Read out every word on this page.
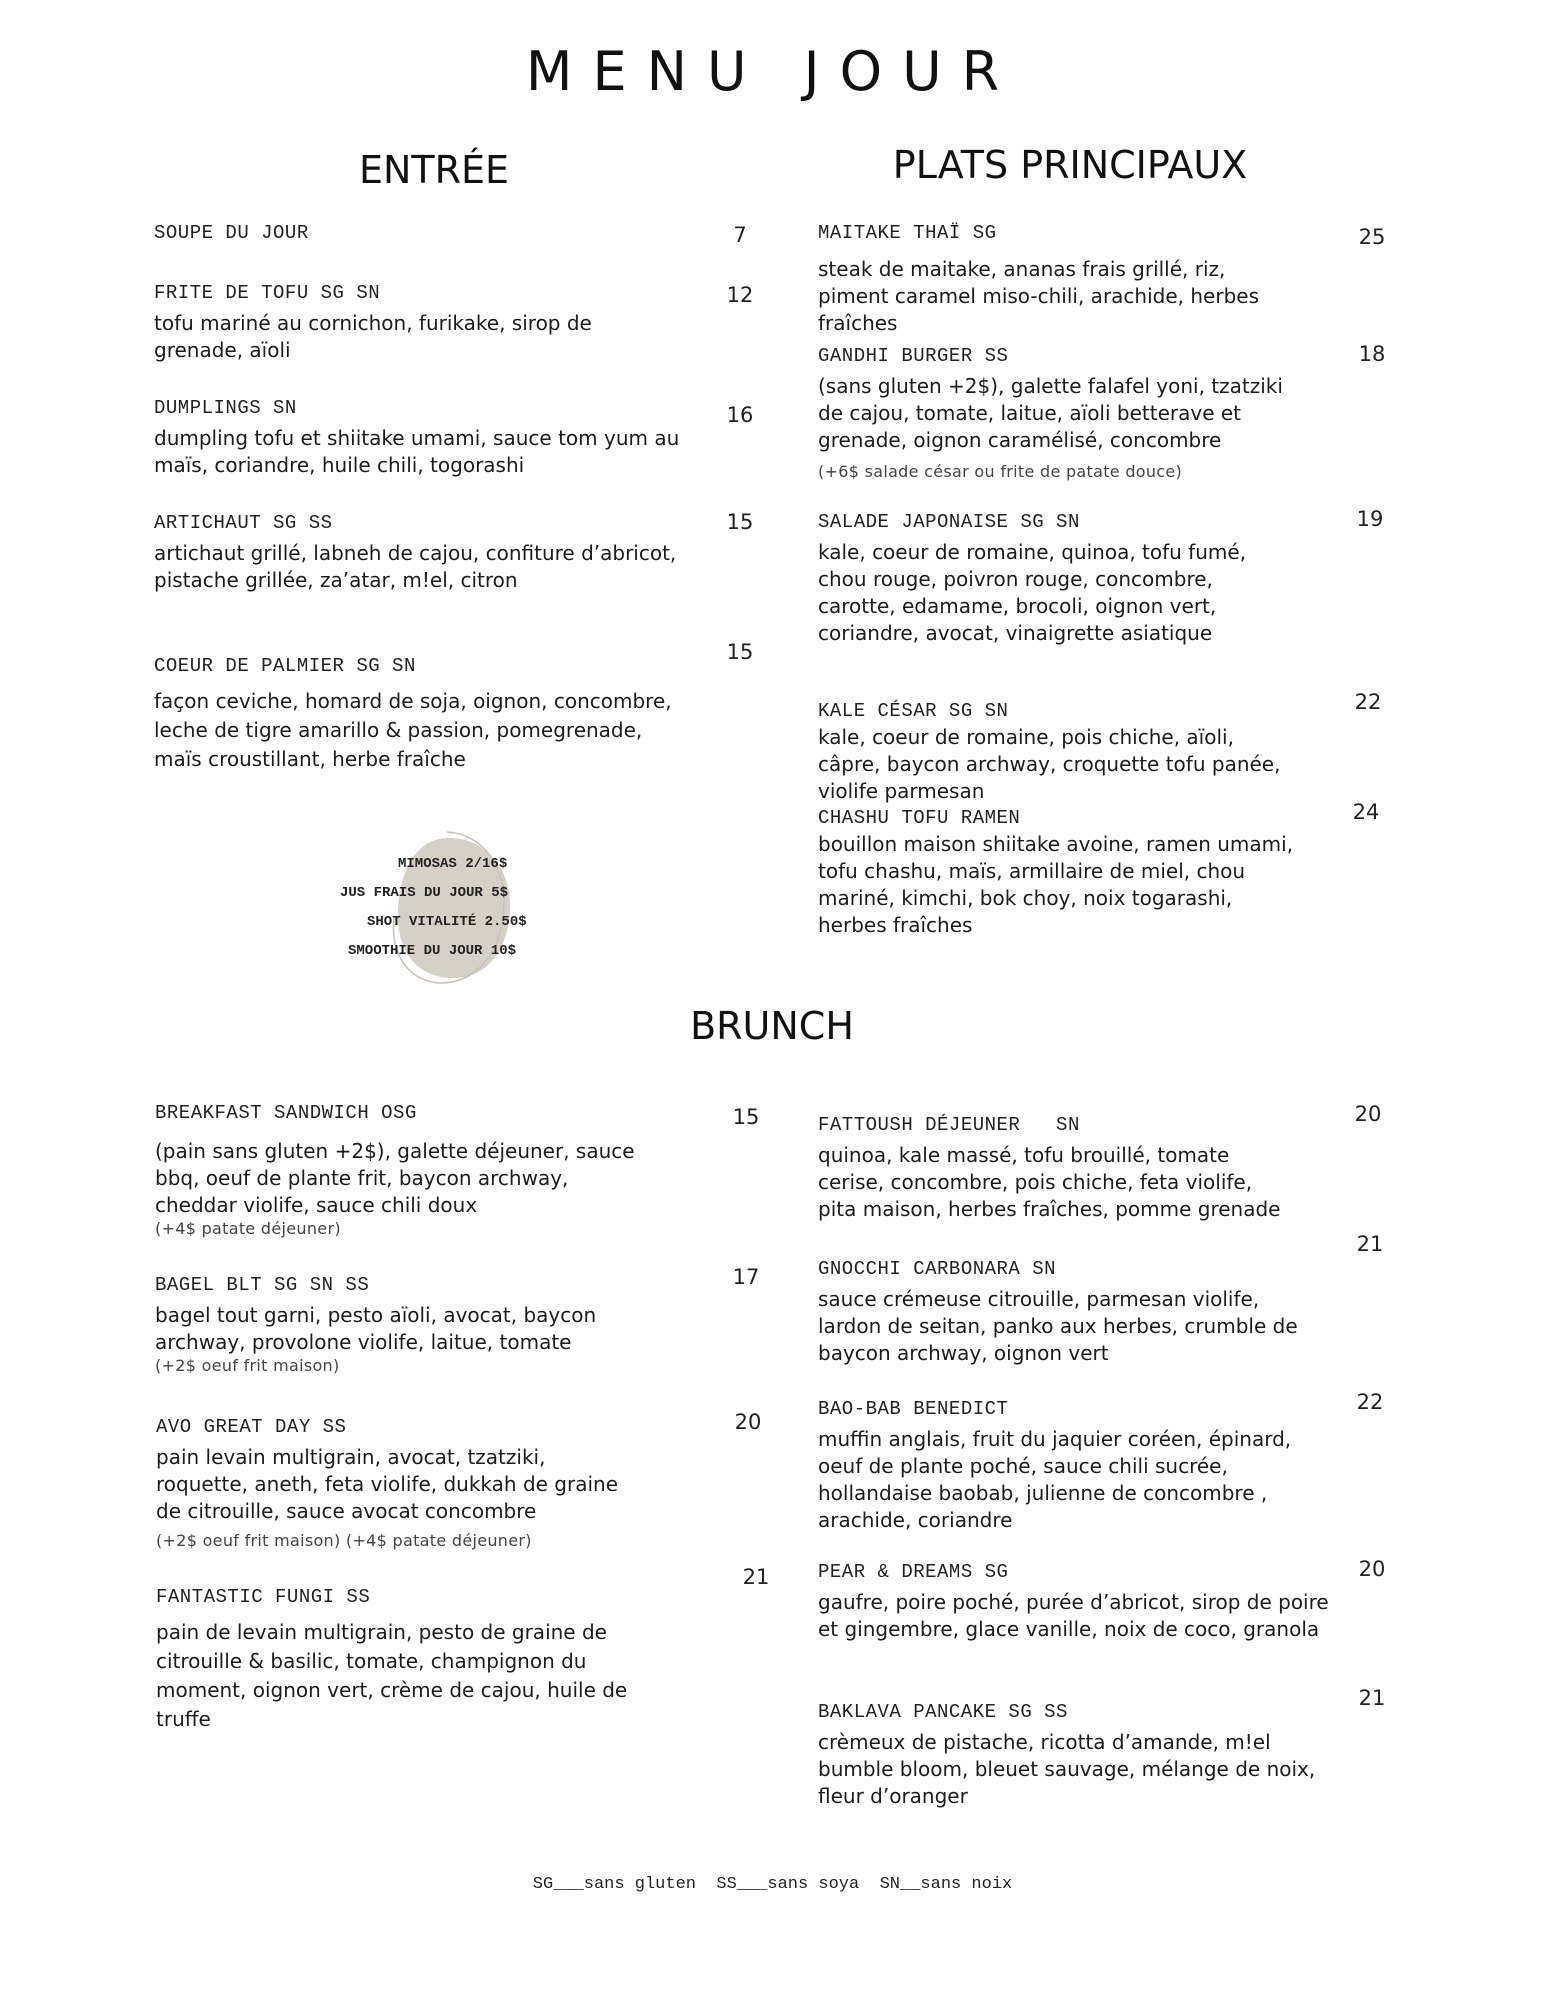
MENU JOUR
ENTRÉE	PLATS PRINCIPAUX
BRUNCH
SOUPE DU JOUR	7
FRITE DE TOFU SG SN
tofu mariné au cornichon, furikake, sirop de grenade, aïoli
12
DUMPLINGS SN
dumpling tofu et shiitake umami, sauce tom yum au maïs, coriandre, huile chili, togorashi
16
ARTICHAUT SG SS
artichaut grillé, labneh de cajou, confiture d’abricot, pistache grillée, za’atar, m!el, citron
15
COEUR DE PALMIER SG SN
façon ceviche, homard de soja, oignon, concombre, leche de tigre amarillo & passion, pomegrenade, maïs croustillant, herbe fraîche
15
MIMOSAS 2/16$
JUS FRAIS DU JOUR 5$
SHOT VITALITÉ 2.50$
SMOOTHIE DU JOUR 10$
MAITAKE THAÏ SG
steak de maitake, ananas frais grillé, riz, piment caramel miso-chili, arachide, herbes fraîches
25
GANDHI BURGER SS
(sans gluten +2$), galette falafel yoni, tzatziki de cajou, tomate, laitue, aïoli betterave et grenade, oignon caramélisé, concombre
(+6$ salade césar ou frite de patate douce)
18
SALADE JAPONAISE SG SN
kale, coeur de romaine, quinoa, tofu fumé, chou rouge, poivron rouge, concombre, carotte, edamame, brocoli, oignon vert, coriandre, avocat, vinaigrette asiatique
19
KALE CÉSAR SG SN
kale, coeur de romaine, pois chiche, aïoli, câpre, baycon archway, croquette tofu panée, violife parmesan
22
CHASHU TOFU RAMEN
bouillon maison shiitake avoine, ramen umami, tofu chashu, maïs, armillaire de miel, chou mariné, kimchi, bok choy, noix togarashi, herbes fraîches
24
BREAKFAST SANDWICH OSG
(pain sans gluten +2$), galette déjeuner, sauce bbq, oeuf de plante frit, baycon archway, cheddar violife, sauce chili doux
(+4$ patate déjeuner)
15
BAGEL BLT SG SN SS
bagel tout garni, pesto aïoli, avocat, baycon archway, provolone violife, laitue, tomate
(+2$ oeuf frit maison)
17
AVO GREAT DAY SS
pain levain multigrain, avocat, tzatziki, roquette, aneth, feta violife, dukkah de graine de citrouille, sauce avocat concombre
(+2$ oeuf frit maison) (+4$ patate déjeuner)
20
FANTASTIC FUNGI SS
pain de levain multigrain, pesto de graine de citrouille & basilic, tomate, champignon du moment, oignon vert, crème de cajou, huile de truffe
21
FATTOUSH DÉJEUNER   SN
quinoa, kale massé, tofu brouillé, tomate cerise, concombre, pois chiche, feta violife, pita maison, herbes fraîches, pomme grenade
20
GNOCCHI CARBONARA SN
sauce crémeuse citrouille, parmesan violife, lardon de seitan, panko aux herbes, crumble de baycon archway, oignon vert
21
BAO-BAB BENEDICT
muffin anglais, fruit du jaquier coréen, épinard, oeuf de plante poché, sauce chili sucrée, hollandaise baobab, julienne de concombre , arachide, coriandre
22
PEAR & DREAMS SG
gaufre, poire poché, purée d’abricot, sirop de poire et gingembre, glace vanille, noix de coco, granola
20
BAKLAVA PANCAKE SG SS
crèmeux de pistache, ricotta d’amande, m!el bumble bloom, bleuet sauvage, mélange de noix, fleur d’oranger
21
SG___sans gluten  SS___sans soya  SN__sans noix
